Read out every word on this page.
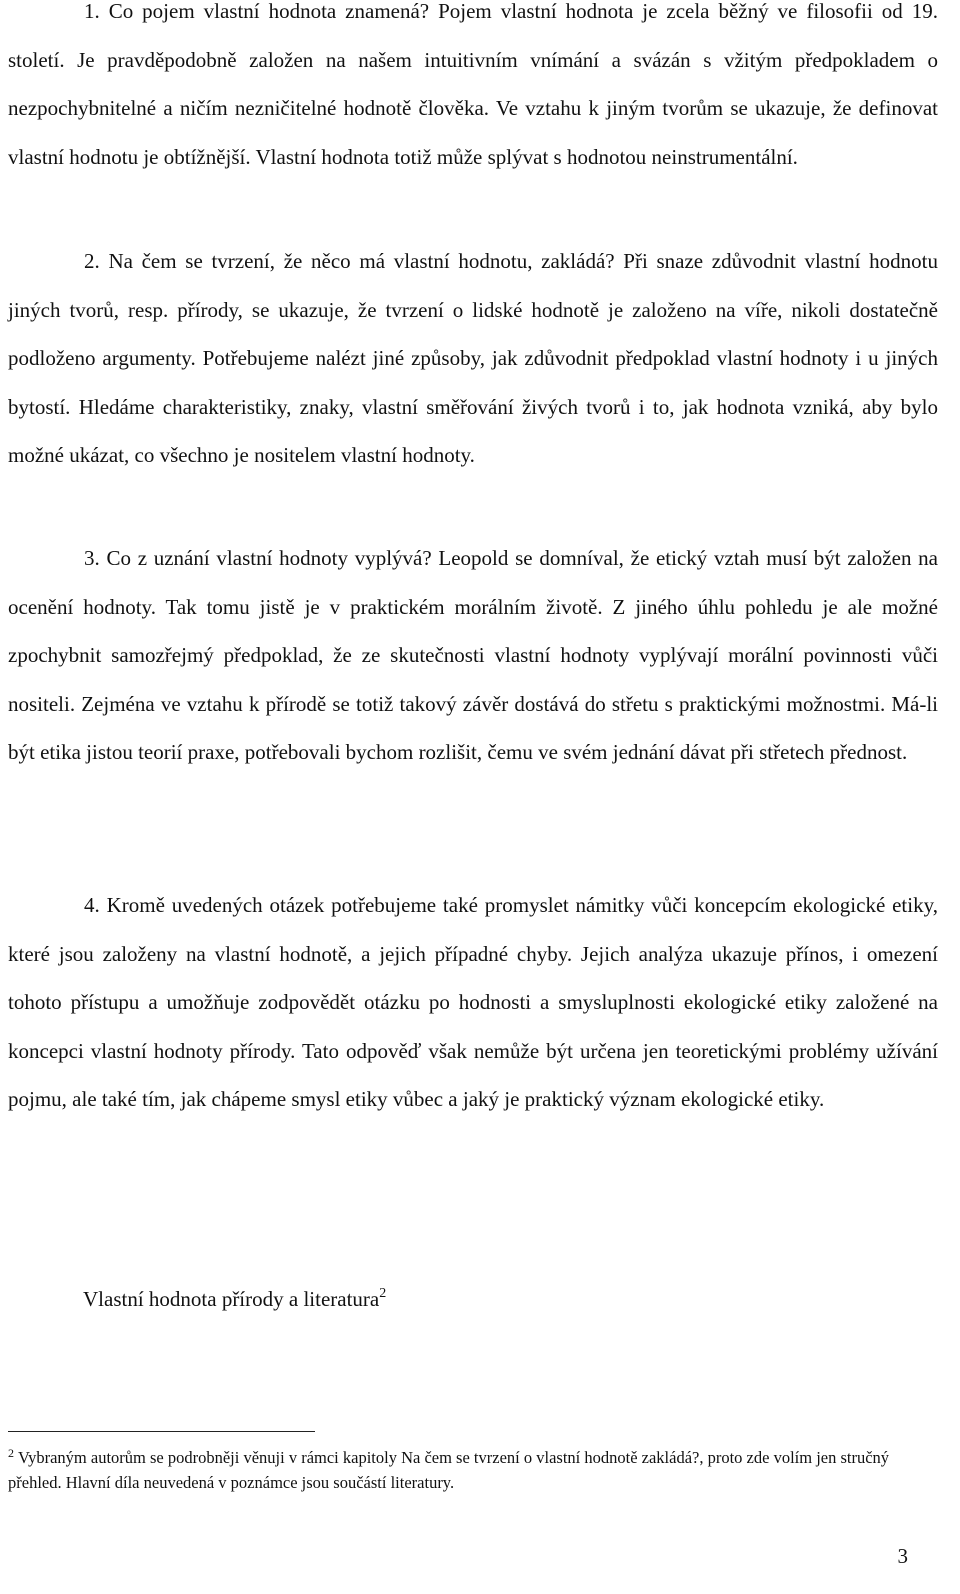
1. Co pojem vlastní hodnota znamená? Pojem vlastní hodnota je zcela běžný ve filosofii od 19. století. Je pravděpodobně založen na našem intuitivním vnímání a svázán s vžitým předpokladem o nezpochybnitelné a ničím nezničitelné hodnotě člověka. Ve vztahu k jiným tvorům se ukazuje, že definovat vlastní hodnotu je obtížnější. Vlastní hodnota totiž může splývat s hodnotou neinstrumentální.

2. Na čem se tvrzení, že něco má vlastní hodnotu, zakládá? Při snaze zdůvodnit vlastní hodnotu jiných tvorů, resp. přírody, se ukazuje, že tvrzení o lidské hodnotě je založeno na víře, nikoli dostatečně podloženo argumenty. Potřebujeme nalézt jiné způsoby, jak zdůvodnit předpoklad vlastní hodnoty i u jiných bytostí. Hledáme charakteristiky, znaky, vlastní směřování živých tvorů i to, jak hodnota vzniká, aby bylo možné ukázat, co všechno je nositelem vlastní hodnoty.

3. Co z uznání vlastní hodnoty vyplývá? Leopold se domníval, že etický vztah musí být založen na ocenění hodnoty. Tak tomu jistě je v praktickém morálním životě. Z jiného úhlu pohledu je ale možné zpochybnit samozřejmý předpoklad, že ze skutečnosti vlastní hodnoty vyplývají morální povinnosti vůči nositeli. Zejména ve vztahu k přírodě se totiž takový závěr dostává do střetu s praktickými možnostmi. Má-li být etika jistou teorií praxe, potřebovali bychom rozlišit, čemu ve svém jednání dávat při střetech přednost.

4. Kromě uvedených otázek potřebujeme také promyslet námitky vůči koncepcím ekologické etiky, které jsou založeny na vlastní hodnotě, a jejich případné chyby. Jejich analýza ukazuje přínos, i omezení tohoto přístupu a umožňuje zodpovědět otázku po hodnosti a smysluplnosti ekologické etiky založené na koncepci vlastní hodnoty přírody. Tato odpověď však nemůže být určena jen teoretickými problémy užívání pojmu, ale také tím, jak chápeme smysl etiky vůbec a jaký je praktický význam ekologické etiky.

Vlastní hodnota přírody a literatura$^2$

$^2$ Vybraným autorům se podrobněji věnuji v rámci kapitoly Na čem se tvrzení o vlastní hodnotě zakládá?, proto zde volím jen stručný přehled. Hlavní díla neuvedená v poznámce jsou součástí literatury.

3
